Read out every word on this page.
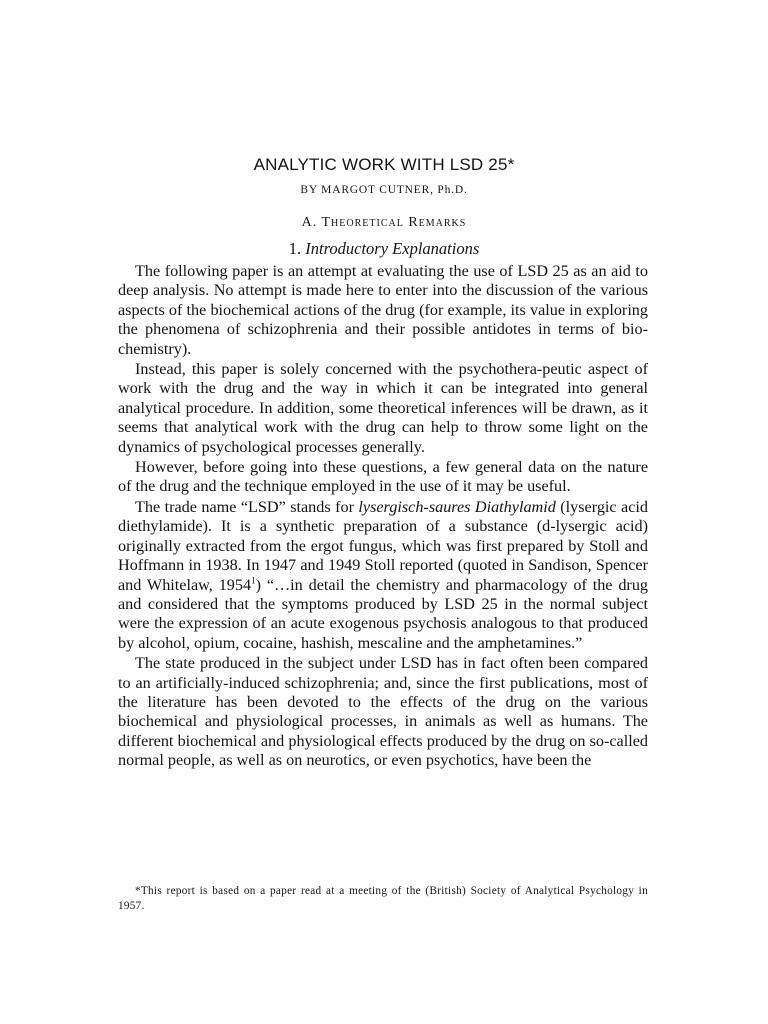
ANALYTIC WORK WITH LSD 25*
BY MARGOT CUTNER, Ph.D.
A. Theoretical Remarks
1. Introductory Explanations

The following paper is an attempt at evaluating the use of LSD 25 as an aid to deep analysis. No attempt is made here to enter into the discussion of the various aspects of the biochemical actions of the drug (for example, its value in exploring the phenomena of schizophrenia and their possible antidotes in terms of bio-chemistry).

Instead, this paper is solely concerned with the psychothera-peutic aspect of work with the drug and the way in which it can be integrated into general analytical procedure. In addition, some theoretical inferences will be drawn, as it seems that analytical work with the drug can help to throw some light on the dynamics of psychological processes generally.

However, before going into these questions, a few general data on the nature of the drug and the technique employed in the use of it may be useful.

The trade name “LSD” stands for lysergisch-saures Diathylamid (lysergic acid diethylamide). It is a synthetic preparation of a substance (d-lysergic acid) originally extracted from the ergot fungus, which was first prepared by Stoll and Hoffmann in 1938. In 1947 and 1949 Stoll reported (quoted in Sandison, Spencer and Whitelaw, 1954$^1$) “…in detail the chemistry and pharmacology of the drug and considered that the symptoms produced by LSD 25 in the normal subject were the expression of an acute exogenous psychosis analogous to that produced by alcohol, opium, cocaine, hashish, mescaline and the amphetamines.”

The state produced in the subject under LSD has in fact often been compared to an artificially-induced schizophrenia; and, since the first publications, most of the literature has been devoted to the effects of the drug on the various biochemical and physiological processes, in animals as well as humans. The different biochemical and physiological effects produced by the drug on so-called normal people, as well as on neurotics, or even psychotics, have been the

*This report is based on a paper read at a meeting of the (British) Society of Analytical Psychology in 1957.
